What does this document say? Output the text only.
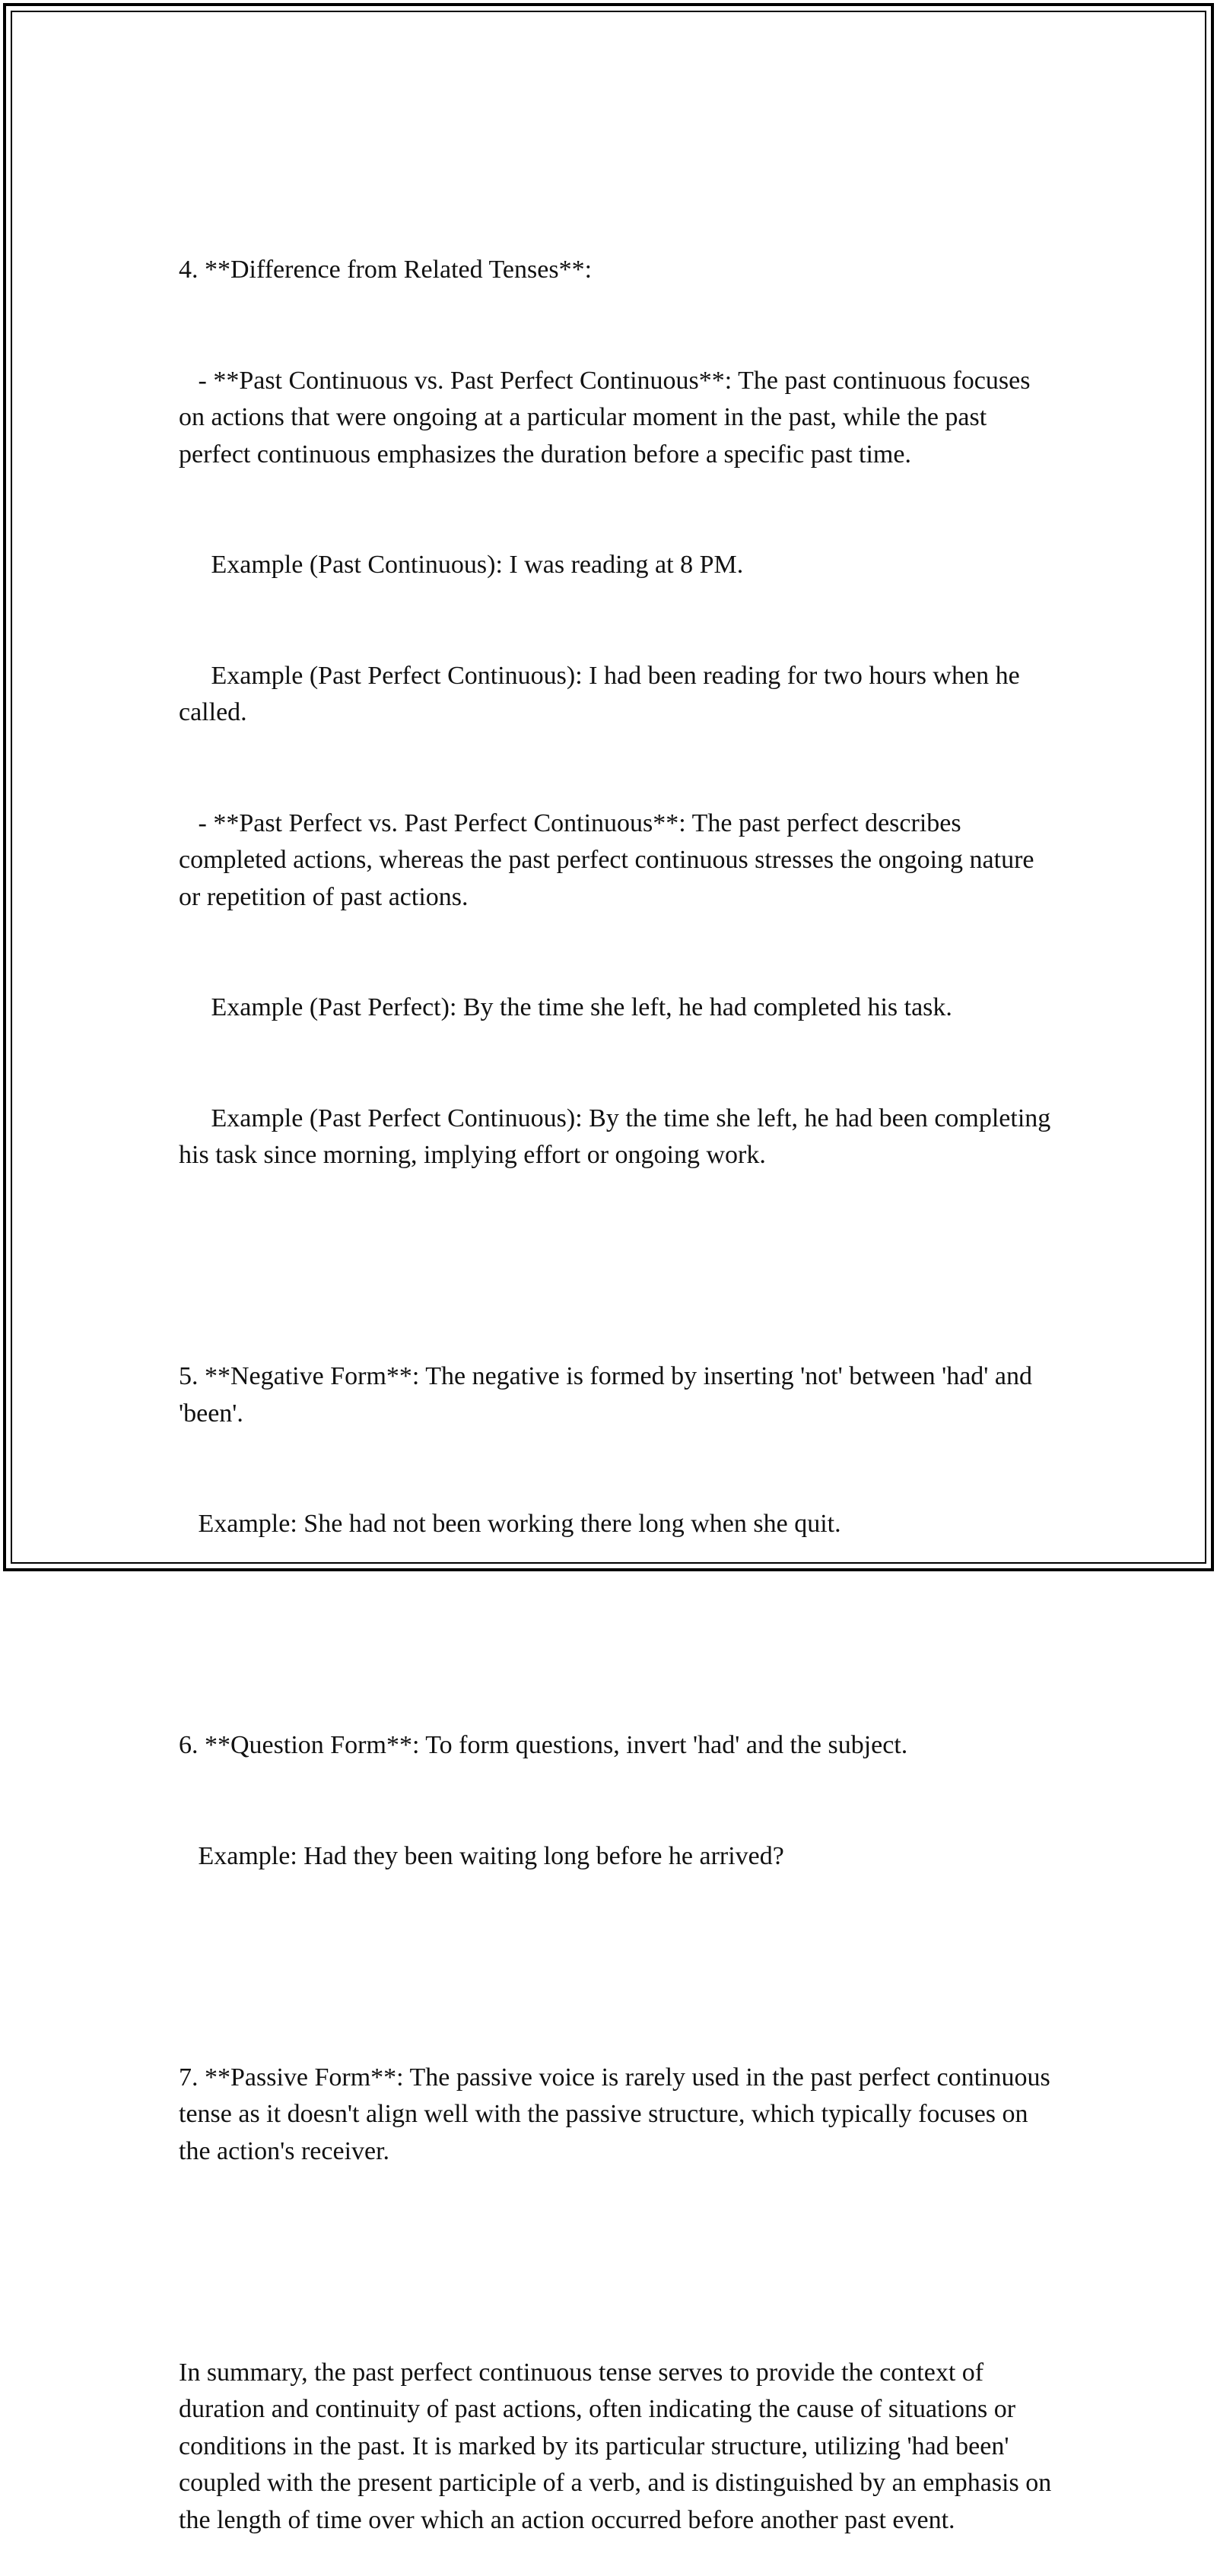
4. **Difference from Related Tenses**:

- **Past Continuous vs. Past Perfect Continuous**: The past continuous focuses on actions that were ongoing at a particular moment in the past, while the past perfect continuous emphasizes the duration before a specific past time.

Example (Past Continuous): I was reading at 8 PM.

Example (Past Perfect Continuous): I had been reading for two hours when he called.

- **Past Perfect vs. Past Perfect Continuous**: The past perfect describes completed actions, whereas the past perfect continuous stresses the ongoing nature or repetition of past actions.

Example (Past Perfect): By the time she left, he had completed his task.

Example (Past Perfect Continuous): By the time she left, he had been completing his task since morning, implying effort or ongoing work.

5. **Negative Form**: The negative is formed by inserting 'not' between 'had' and 'been'.

Example: She had not been working there long when she quit.

6. **Question Form**: To form questions, invert 'had' and the subject.

Example: Had they been waiting long before he arrived?

7. **Passive Form**: The passive voice is rarely used in the past perfect continuous tense as it doesn't align well with the passive structure, which typically focuses on the action's receiver.

In summary, the past perfect continuous tense serves to provide the context of duration and continuity of past actions, often indicating the cause of situations or conditions in the past. It is marked by its particular structure, utilizing 'had been' coupled with the present participle of a verb, and is distinguished by an emphasis on the length of time over which an action occurred before another past event.
